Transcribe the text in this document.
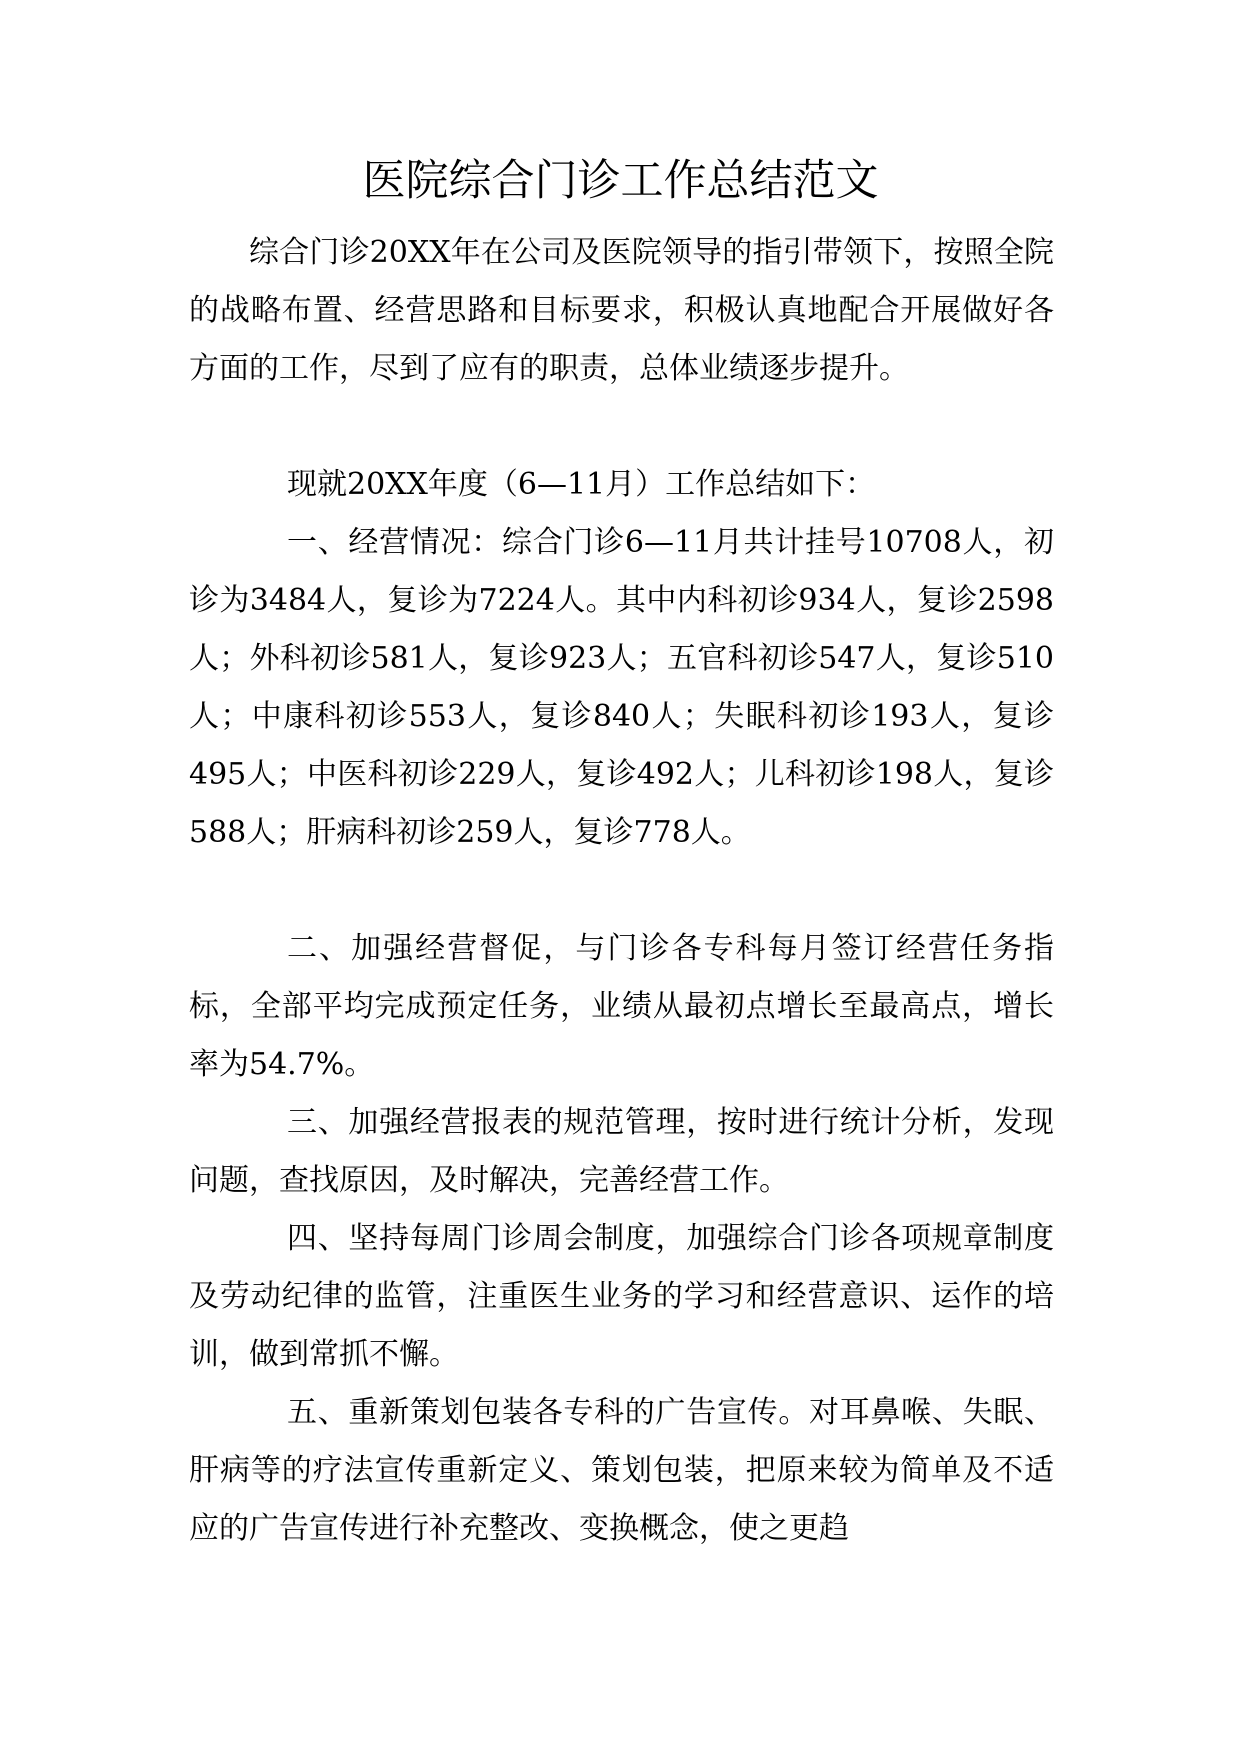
医院综合门诊工作总结范文

综合门诊20XX年在公司及医院领导的指引带领下，按照全院的战略布置、经营思路和目标要求，积极认真地配合开展做好各方面的工作，尽到了应有的职责，总体业绩逐步提升。

现就20XX年度（6—11月）工作总结如下：

一、经营情况：综合门诊6—11月共计挂号10708人，初诊为3484人，复诊为7224人。其中内科初诊934人，复诊2598人；外科初诊581人，复诊923人；五官科初诊547人，复诊510人；中康科初诊553人，复诊840人；失眠科初诊193人，复诊495人；中医科初诊229人，复诊492人；儿科初诊198人，复诊588人；肝病科初诊259人，复诊778人。

二、加强经营督促，与门诊各专科每月签订经营任务指标，全部平均完成预定任务，业绩从最初点增长至最高点，增长率为54.7%。

三、加强经营报表的规范管理，按时进行统计分析，发现问题，查找原因，及时解决，完善经营工作。

四、坚持每周门诊周会制度，加强综合门诊各项规章制度及劳动纪律的监管，注重医生业务的学习和经营意识、运作的培训，做到常抓不懈。

五、重新策划包装各专科的广告宣传。对耳鼻喉、失眠、肝病等的疗法宣传重新定义、策划包装，把原来较为简单及不适应的广告宣传进行补充整改、变换概念，使之更趋
